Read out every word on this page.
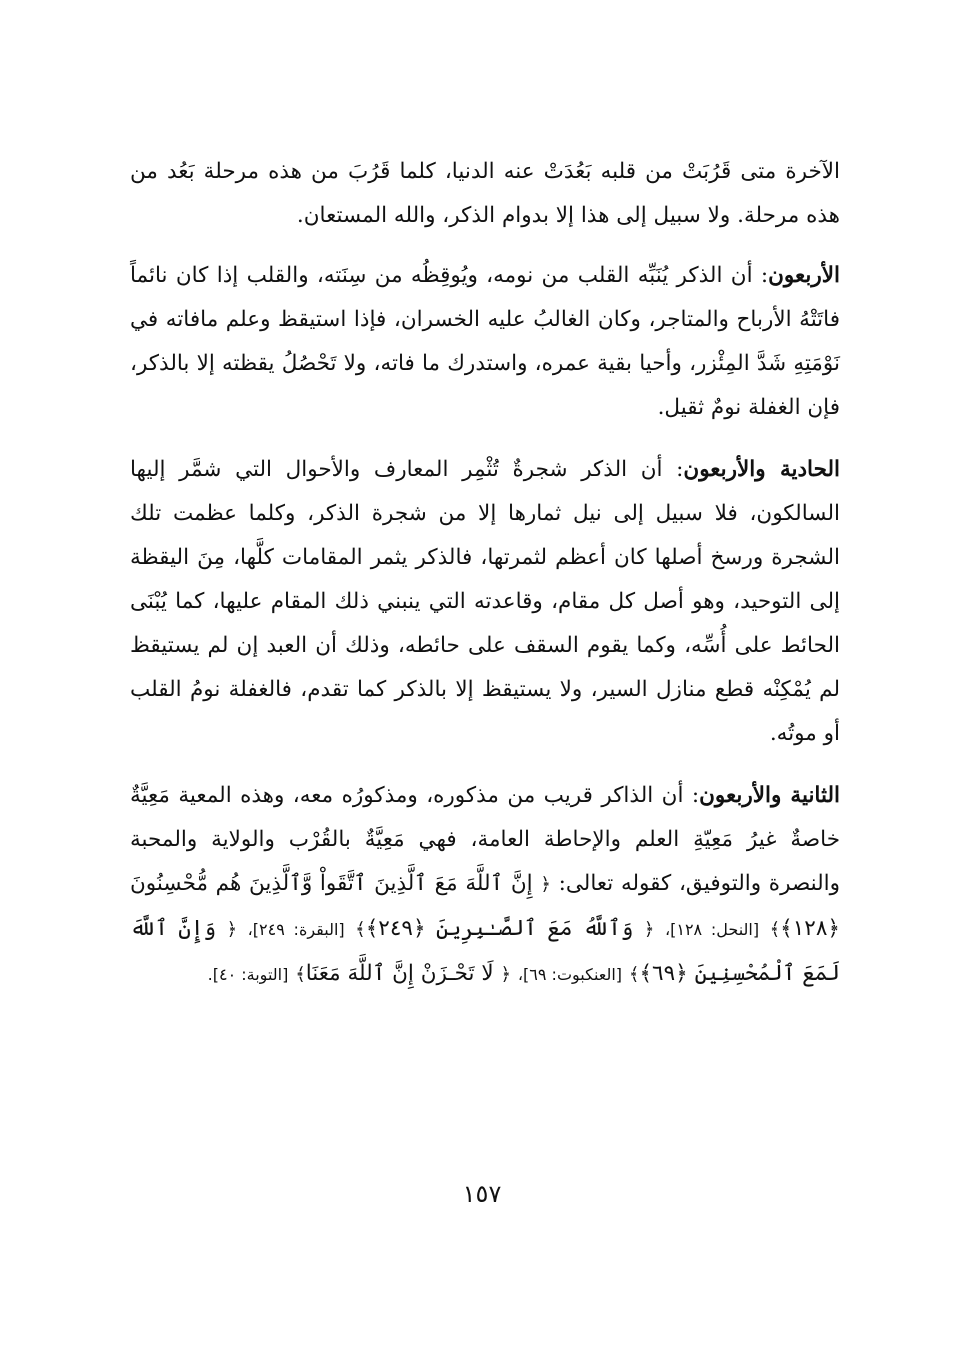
الآخرة متى قَرُبَتْ من قلبه بَعُدَتْ عنه الدنيا، كلما قَرُبَ من هذه مرحلة بَعُد من هذه مرحلة. ولا سبيل إلى هذا إلا بدوام الذكر، والله المستعان.

الأربعون: أن الذكر يُنَبِّه القلب من نومه، ويُوقِظُه من سِنَته، والقلب إذا كان نائماً فاتَتْهُ الأرباح والمتاجر، وكان الغالبُ عليه الخسران، فإذا استيقظ وعلم مافاته في نَوْمَتِهِ شَدَّ المِئْزر، وأحيا بقية عمره، واستدرك ما فاته، ولا تَحْصُلُ يقظته إلا بالذكر، فإن الغفلة نومٌ ثقيل.

الحادية والأربعون: أن الذكر شجرةٌ تُثْمِر المعارف والأحوال التي شمَّر إليها السالكون، فلا سبيل إلى نيل ثمارها إلا من شجرة الذكر، وكلما عظمت تلك الشجرة ورسخ أصلها كان أعظم لثمرتها، فالذكر يثمر المقامات كلَّها، مِنَ اليقظة إلى التوحيد، وهو أصل كل مقام، وقاعدته التي ينبني ذلك المقام عليها، كما يُبْنَى الحائط على أُسِّه، وكما يقوم السقف على حائطه، وذلك أن العبد إن لم يستيقظ لم يُمْكِنْه قطع منازل السير، ولا يستيقظ إلا بالذكر كما تقدم، فالغفلة نومُ القلب أو موتُه.

الثانية والأربعون: أن الذاكر قريب من مذكوره، ومذكورُه معه، وهذه المعية مَعِيَّةٌ خاصةٌ غيرُ مَعِيّةِ العلم والإحاطة العامة، فهي مَعِيَّةٌ بالقُرْب والولاية والمحبة والنصرة والتوفيق، كقوله تعالى: ﴿ إِنَّ ٱللَّهَ مَعَ ٱلَّذِينَ ٱتَّقَواْ وَّٱلَّذِينَ هُم مُّحْسِنُونَ ﴿١٢٨﴾﴾ [النحل: ١٢٨]، ﴿ وَٱللَّهُ مَعَ ٱلصَّـٰبِرِينَ ﴿٢٤٩﴾﴾ [البقرة: ٢٤٩]، ﴿ وَإِنَّ ٱللَّهَ لَمَعَ ٱلْمُحْسِنِينَ ﴿٦٩﴾﴾ [العنكبوت: ٦٩]، ﴿ لَا تَحْـزَنْ إِنَّ ٱللَّهَ مَعَنَا﴾ [التوبة: ٤٠].

١٥٧
